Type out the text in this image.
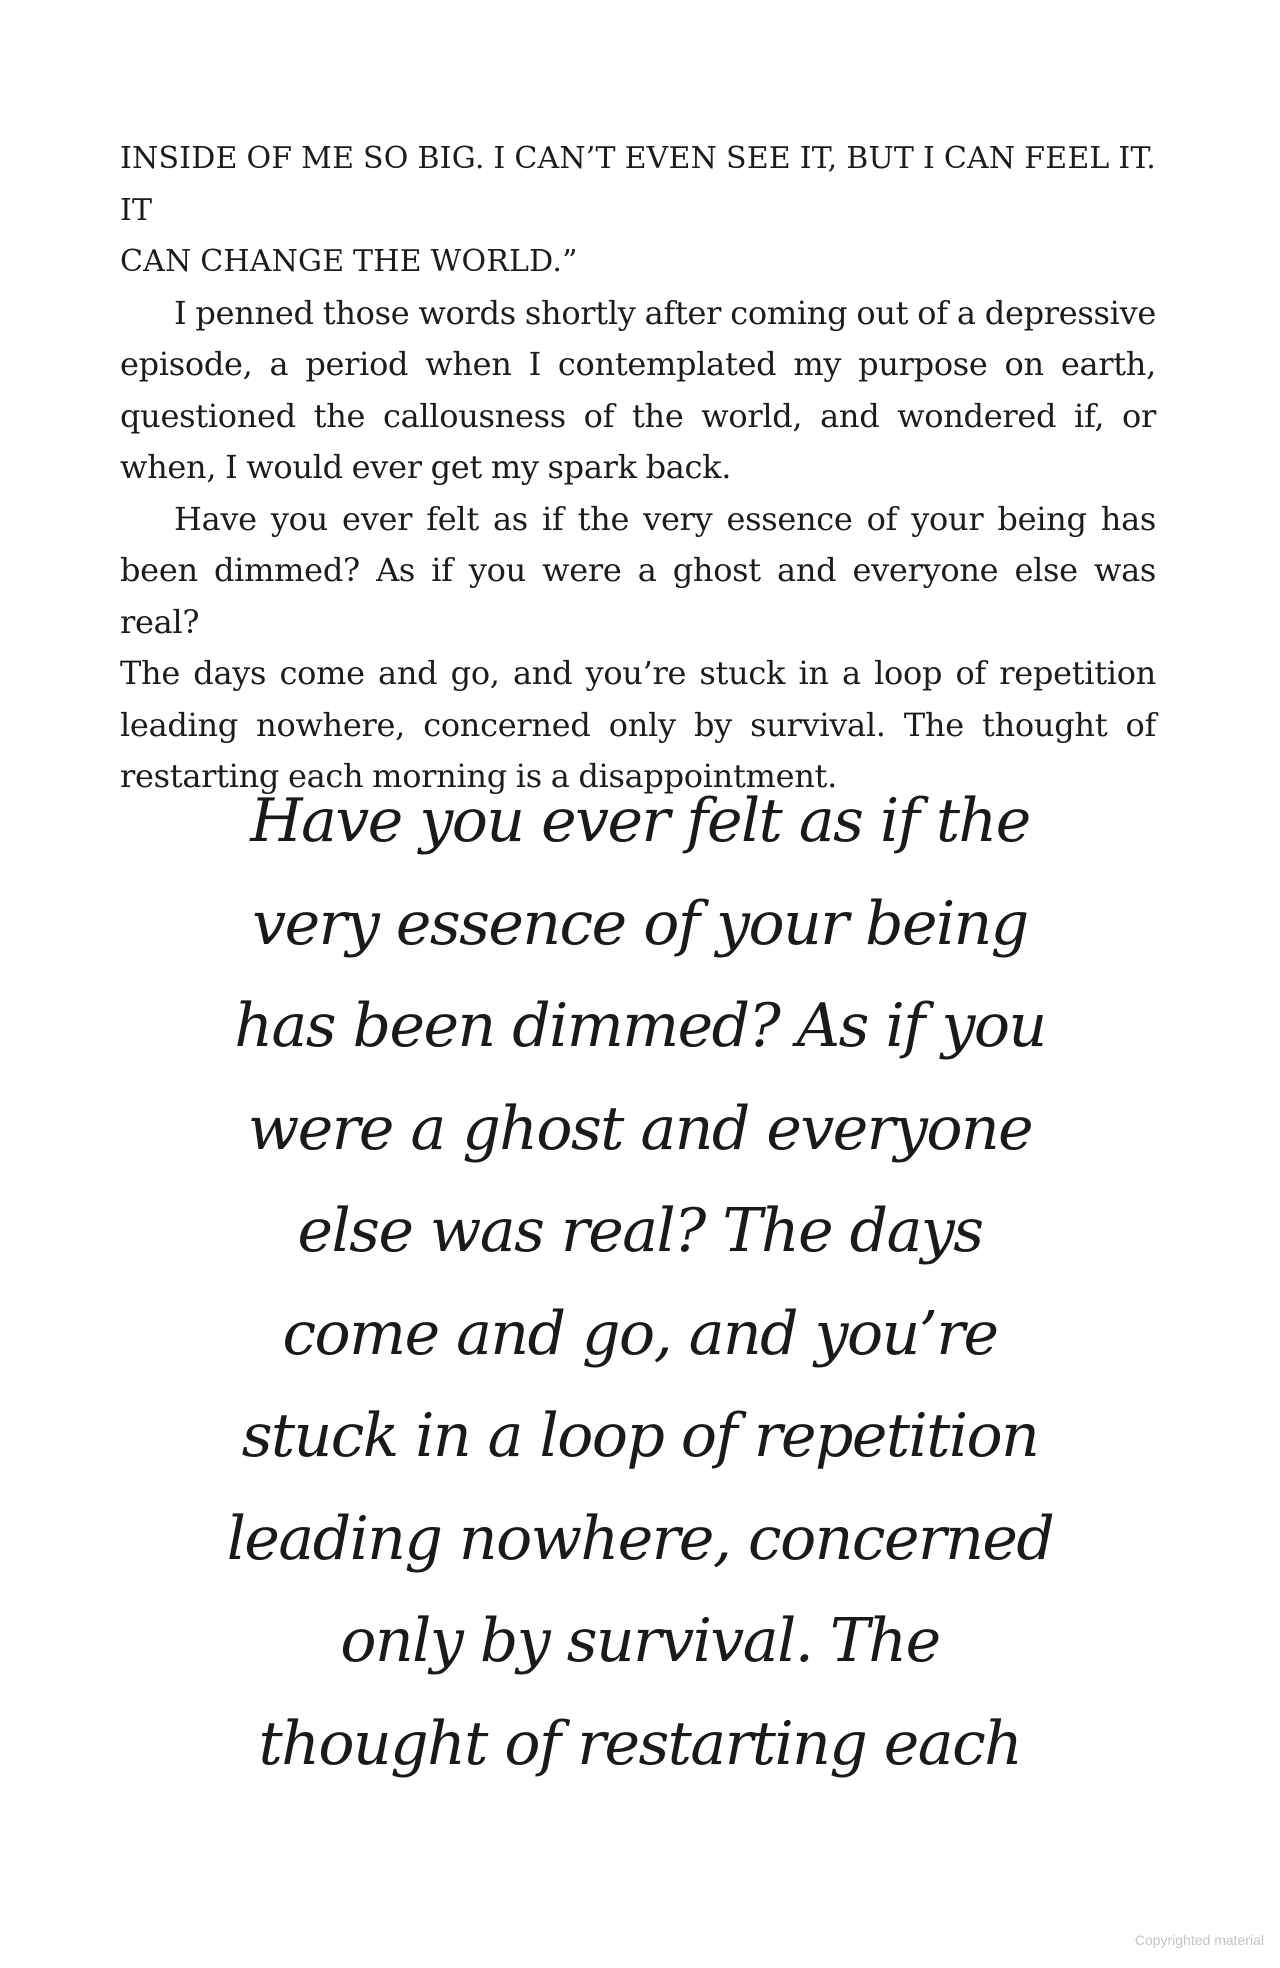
INSIDE OF ME SO BIG. I CAN’T EVEN SEE IT, BUT I CAN FEEL IT. IT
CAN CHANGE THE WORLD.”

I penned those words shortly after coming out of a depressive
episode, a period when I contemplated my purpose on earth,
questioned the callousness of the world, and wondered if, or
when, I would ever get my spark back.

Have you ever felt as if the very essence of your being has
been dimmed? As if you were a ghost and everyone else was real?
The days come and go, and you’re stuck in a loop of repetition
leading nowhere, concerned only by survival. The thought of
restarting each morning is a disappointment.

Have you ever felt as if the
very essence of your being
has been dimmed? As if you
were a ghost and everyone
else was real? The days
come and go, and you’re
stuck in a loop of repetition
leading nowhere, concerned
only by survival. The
thought of restarting each
Copyrighted material
